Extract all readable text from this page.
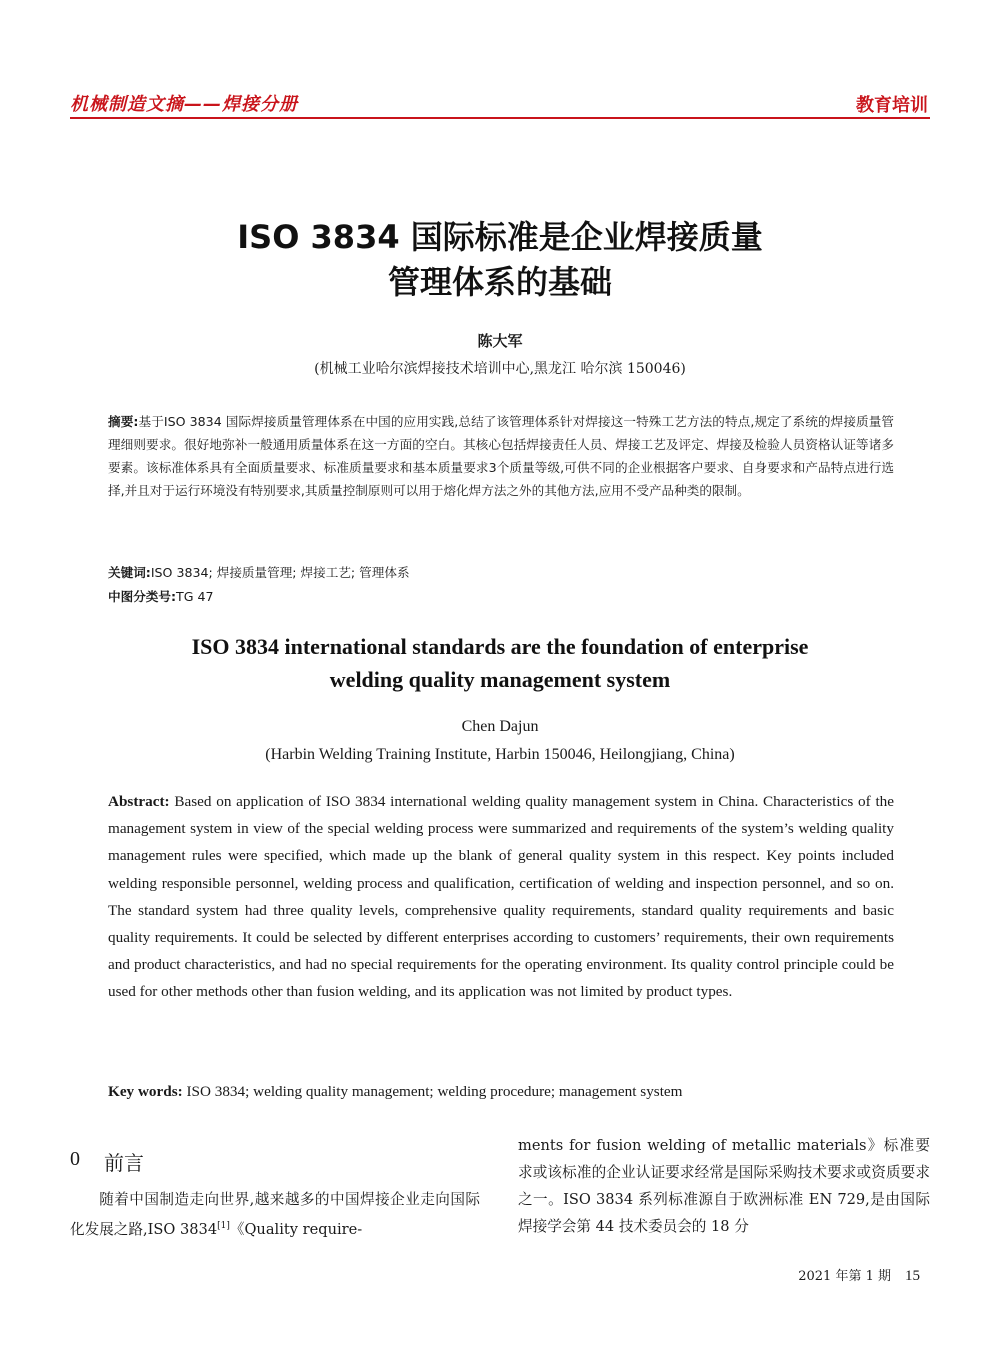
机械制造文摘——焊接分册	教育培训
ISO 3834 国际标准是企业焊接质量
管理体系的基础
陈大军
(机械工业哈尔滨焊接技术培训中心,黑龙江 哈尔滨 150046)
摘要:基于ISO 3834 国际焊接质量管理体系在中国的应用实践,总结了该管理体系针对焊接这一特殊工艺方法的特点,规定了系统的焊接质量管理细则要求。很好地弥补一般通用质量体系在这一方面的空白。其核心包括焊接责任人员、焊接工艺及评定、焊接及检验人员资格认证等诸多要素。该标准体系具有全面质量要求、标准质量要求和基本质量要求3个质量等级,可供不同的企业根据客户要求、自身要求和产品特点进行选择,并且对于运行环境没有特别要求,其质量控制原则可以用于熔化焊方法之外的其他方法,应用不受产品种类的限制。
关键词:ISO 3834; 焊接质量管理; 焊接工艺; 管理体系
中图分类号:TG 47
ISO 3834 international standards are the foundation of enterprise
welding quality management system
Chen Dajun
(Harbin Welding Training Institute, Harbin 150046, Heilongjiang, China)
Abstract: Based on application of ISO 3834 international welding quality management system in China. Characteristics of the management system in view of the special welding process were summarized and requirements of the system’s welding quality management rules were specified, which made up the blank of general quality system in this respect. Key points included welding responsible personnel, welding process and qualification, certification of welding and inspection personnel, and so on. The standard system had three quality levels, comprehensive quality requirements, standard quality requirements and basic quality requirements. It could be selected by different enterprises according to customers’ requirements, their own requirements and product characteristics, and had no special requirements for the operating environment. Its quality control principle could be used for other methods other than fusion welding, and its application was not limited by product types.
Key words: ISO 3834; welding quality management; welding procedure; management system
0 前言

随着中国制造走向世界,越来越多的中国焊接企业走向国际化发展之路,ISO 3834[1]《Quality require-

ments for fusion welding of metallic materials》标准要求或该标准的企业认证要求经常是国际采购技术要求或资质要求之一。ISO 3834 系列标准源自于欧洲标准 EN 729,是由国际焊接学会第 44 技术委员会的 18 分

2021 年第 1 期 15
